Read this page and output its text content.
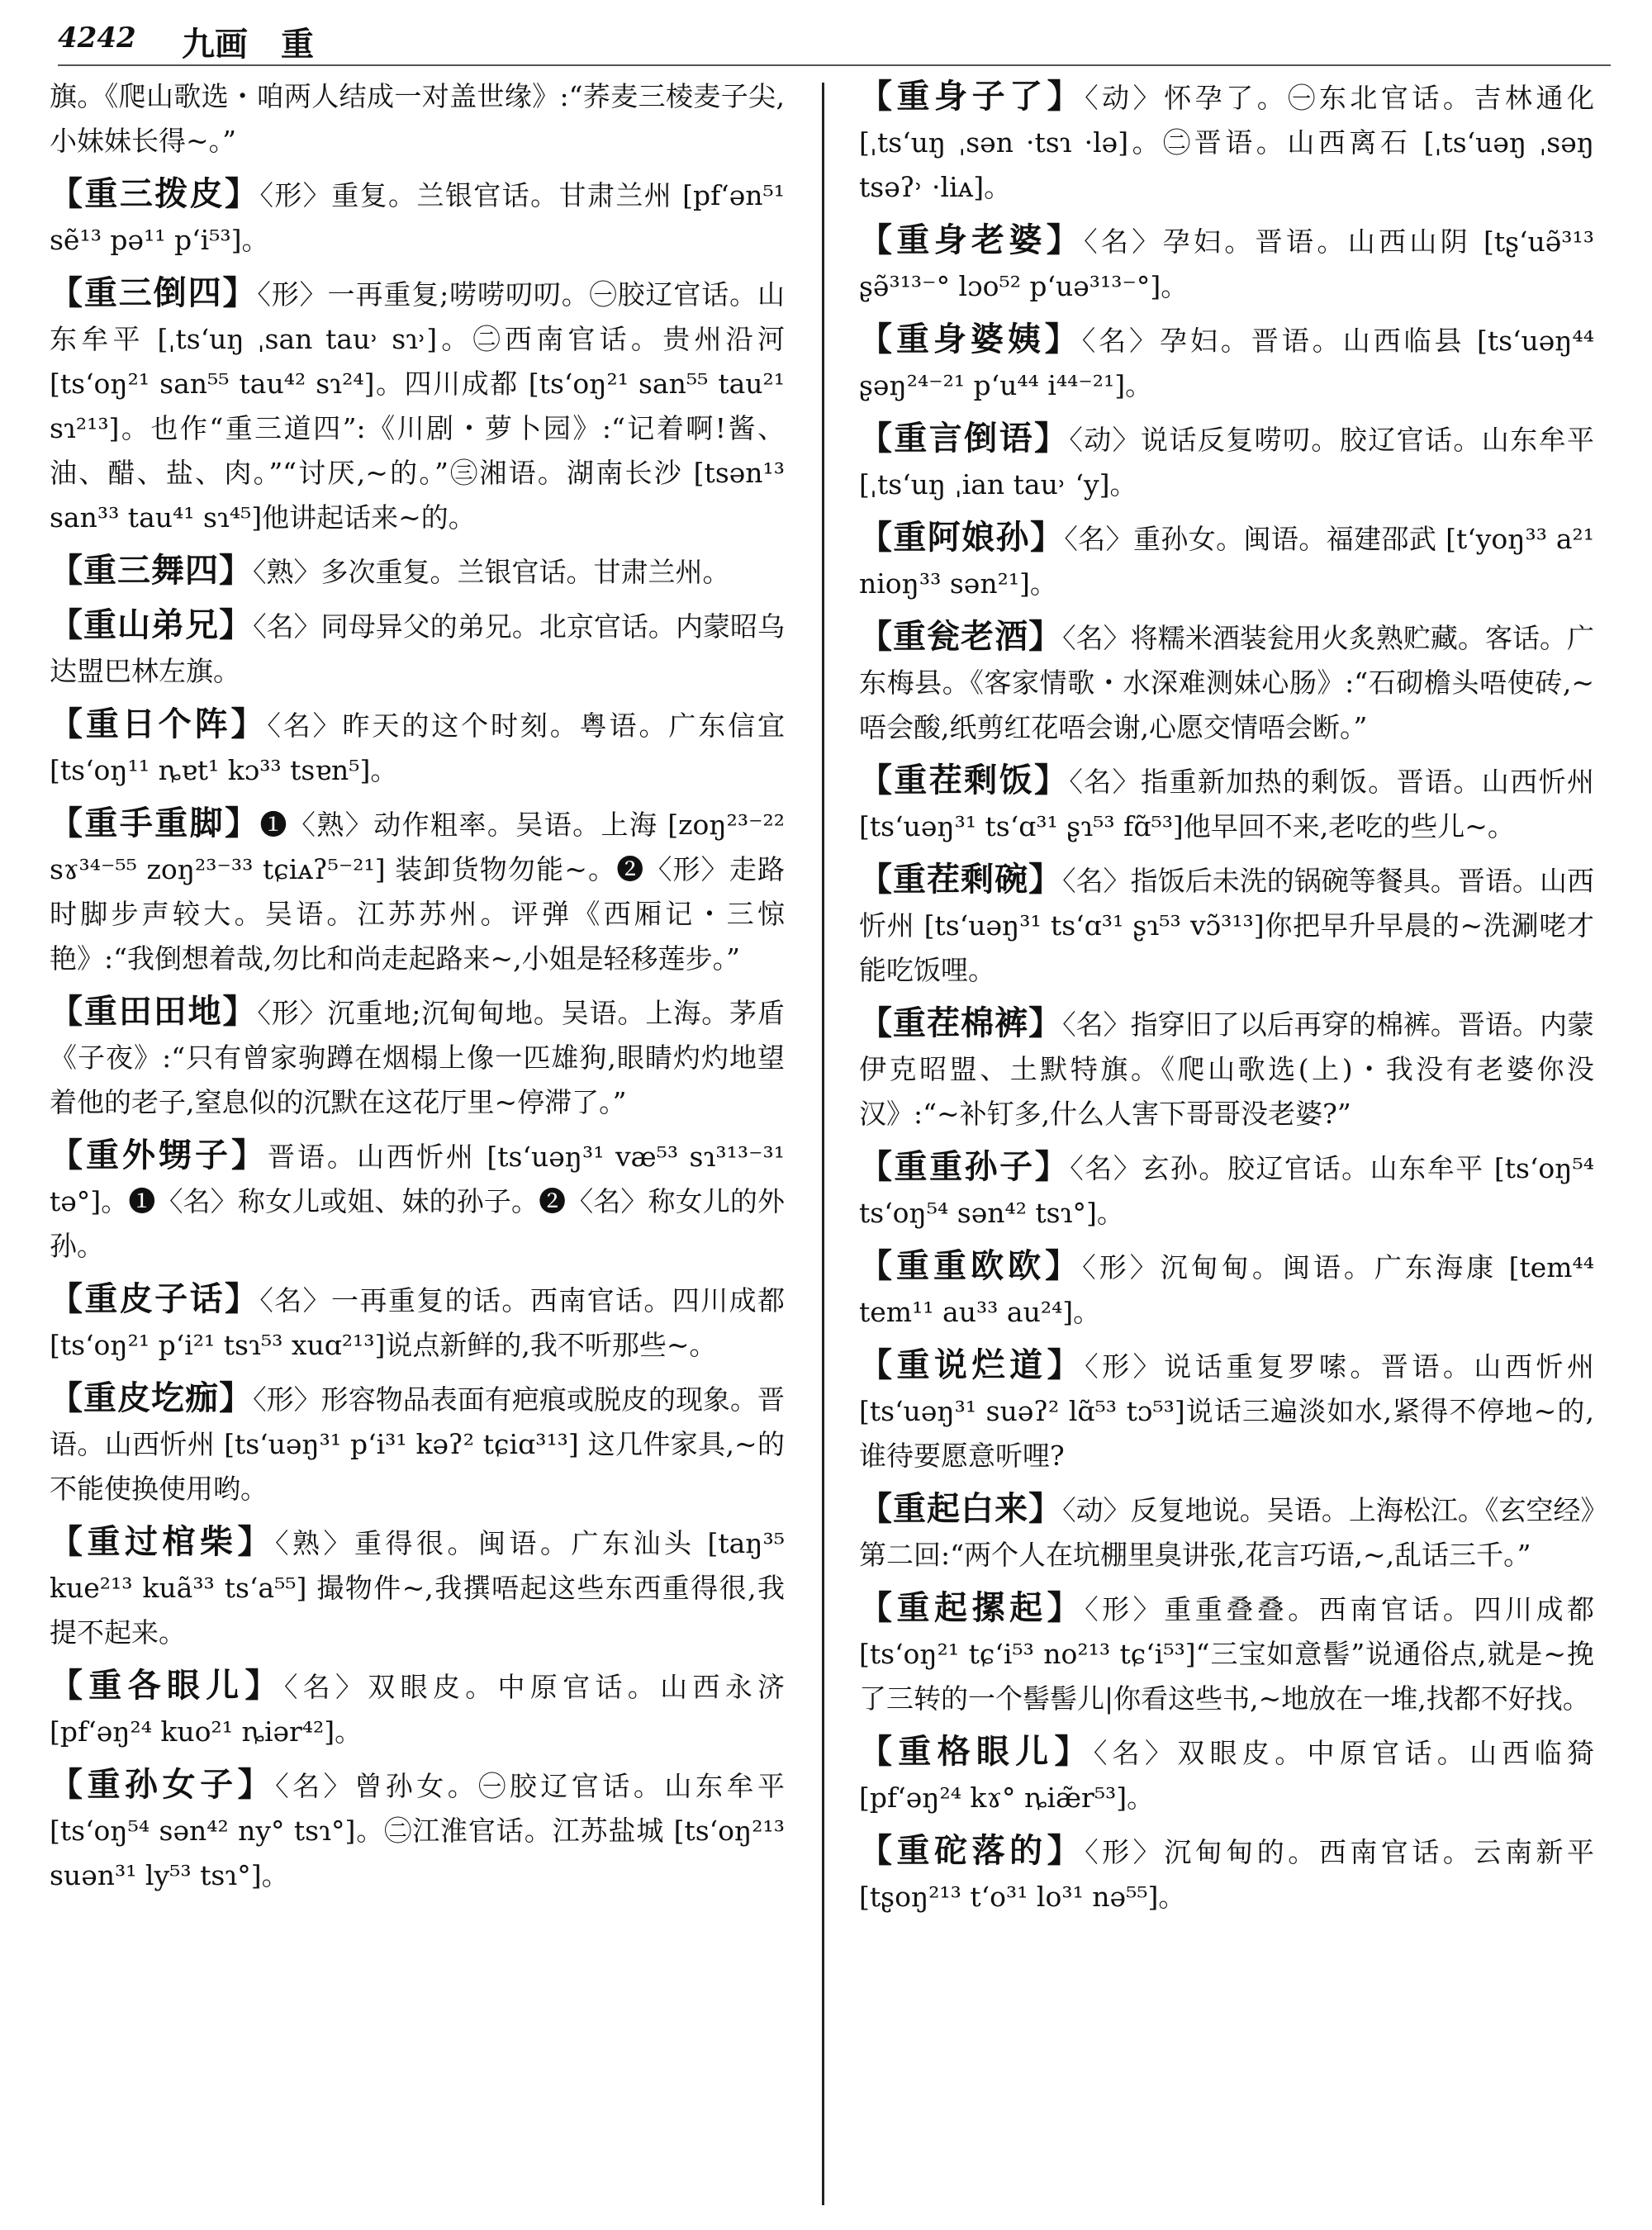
4242 九画 重
旗。《爬山歌选・咱两人结成一对盖世缘》:“荞麦三棱麦子尖,小妹妹长得~。”
【重三拨皮】〈形〉重复。兰银官话。甘肃兰州 [pf‘ən⁵¹ sẽ¹³ pə¹¹ p‘i⁵³]。
【重三倒四】〈形〉一再重复;唠唠叨叨。㊀胶辽官话。山东牟平 [ˌts‘uŋ ˌsan tau˒ sɿ˒]。㊁西南官话。贵州沿河 [ts‘oŋ²¹ san⁵⁵ tau⁴² sɿ²⁴]。四川成都 [ts‘oŋ²¹ san⁵⁵ tau²¹ sɿ²¹³]。也作“重三道四”:《川剧・萝卜园》:“记着啊!酱、油、醋、盐、肉。”“讨厌,~的。”㊂湘语。湖南长沙 [tsən¹³ san³³ tau⁴¹ sɿ⁴⁵]他讲起话来~的。
【重三舞四】〈熟〉多次重复。兰银官话。甘肃兰州。
【重山弟兄】〈名〉同母异父的弟兄。北京官话。内蒙昭乌达盟巴林左旗。
【重日个阵】〈名〉昨天的这个时刻。粤语。广东信宜 [ts‘oŋ¹¹ ȵɐt¹ kɔ³³ tsɐn⁵]。
【重手重脚】❶〈熟〉动作粗率。吴语。上海 [zoŋ²³⁻²² sɤ³⁴⁻⁵⁵ zoŋ²³⁻³³ tɕiᴀʔ⁵⁻²¹] 装卸货物勿能~。❷〈形〉走路时脚步声较大。吴语。江苏苏州。评弹《西厢记・三惊艳》:“我倒想着哉,勿比和尚走起路来~,小姐是轻移莲步。”
【重田田地】〈形〉沉重地;沉甸甸地。吴语。上海。茅盾《子夜》:“只有曾家驹蹲在烟榻上像一匹雄狗,眼睛灼灼地望着他的老子,窒息似的沉默在这花厅里~停滞了。”
【重外甥子】晋语。山西忻州 [ts‘uəŋ³¹ væ⁵³ sɿ³¹³⁻³¹ tə°]。❶〈名〉称女儿或姐、妹的孙子。❷〈名〉称女儿的外孙。
【重皮子话】〈名〉一再重复的话。西南官话。四川成都 [ts‘oŋ²¹ p‘i²¹ tsɿ⁵³ xuɑ²¹³]说点新鲜的,我不听那些~。
【重皮圪痂】〈形〉形容物品表面有疤痕或脱皮的现象。晋语。山西忻州 [ts‘uəŋ³¹ p‘i³¹ kəʔ² tɕiɑ³¹³] 这几件家具,~的不能使换使用哟。
【重过棺柴】〈熟〉重得很。闽语。广东汕头 [taŋ³⁵ kue²¹³ kuã³³ ts‘a⁵⁵] 撮物件~,我撰唔起这些东西重得很,我提不起来。
【重各眼儿】〈名〉双眼皮。中原官话。山西永济 [pf‘əŋ²⁴ kuo²¹ ȵiər⁴²]。
【重孙女子】〈名〉曾孙女。㊀胶辽官话。山东牟平 [ts‘oŋ⁵⁴ sən⁴² ny° tsɿ°]。㊁江淮官话。江苏盐城 [ts‘oŋ²¹³ suən³¹ ly⁵³ tsɿ°]。
【重身子了】〈动〉怀孕了。㊀东北官话。吉林通化 [ˌts‘uŋ ˌsən ·tsɿ ·lə]。㊁晋语。山西离石 [ˌts‘uəŋ ˌsəŋ tsəʔ˒ ·liᴀ]。
【重身老婆】〈名〉孕妇。晋语。山西山阴 [tʂ‘uə̃³¹³ ʂə̃³¹³⁻° lɔo⁵² p‘uə³¹³⁻°]。
【重身婆姨】〈名〉孕妇。晋语。山西临县 [ts‘uəŋ⁴⁴ ʂəŋ²⁴⁻²¹ p‘u⁴⁴ i⁴⁴⁻²¹]。
【重言倒语】〈动〉说话反复唠叨。胶辽官话。山东牟平 [ˌts‘uŋ ˌian tau˒ ‘y]。
【重阿娘孙】〈名〉重孙女。闽语。福建邵武 [t‘yoŋ³³ a²¹ nioŋ³³ sən²¹]。
【重瓮老酒】〈名〉将糯米酒装瓮用火炙熟贮藏。客话。广东梅县。《客家情歌・水深难测妹心肠》:“石砌檐头唔使砖,~唔会酸,纸剪红花唔会谢,心愿交情唔会断。”
【重茬剩饭】〈名〉指重新加热的剩饭。晋语。山西忻州 [ts‘uəŋ³¹ ts‘ɑ³¹ ʂɿ⁵³ fɑ̃⁵³]他早回不来,老吃的些儿~。
【重茬剩碗】〈名〉指饭后未洗的锅碗等餐具。晋语。山西忻州 [ts‘uəŋ³¹ ts‘ɑ³¹ ʂɿ⁵³ vɔ̃³¹³]你把早升早晨的~洗涮咾才能吃饭哩。
【重茬棉裤】〈名〉指穿旧了以后再穿的棉裤。晋语。内蒙伊克昭盟、土默特旗。《爬山歌选(上)・我没有老婆你没汉》:“~补钉多,什么人害下哥哥没老婆?”
【重重孙子】〈名〉玄孙。胶辽官话。山东牟平 [ts‘oŋ⁵⁴ ts‘oŋ⁵⁴ sən⁴² tsɿ°]。
【重重欧欧】〈形〉沉甸甸。闽语。广东海康 [tem⁴⁴ tem¹¹ au³³ au²⁴]。
【重说烂道】〈形〉说话重复罗嗦。晋语。山西忻州 [ts‘uəŋ³¹ suəʔ² lɑ̃⁵³ tɔ⁵³]说话三遍淡如水,紧得不停地~的,谁待要愿意听哩?
【重起白来】〈动〉反复地说。吴语。上海松江。《玄空经》第二回:“两个人在坑棚里臭讲张,花言巧语,~,乱话三千。”
【重起摞起】〈形〉重重叠叠。西南官话。四川成都 [ts‘oŋ²¹ tɕ‘i⁵³ no²¹³ tɕ‘i⁵³]“三宝如意髻”说通俗点,就是~挽了三转的一个髻髻儿|你看这些书,~地放在一堆,找都不好找。
【重格眼儿】〈名〉双眼皮。中原官话。山西临猗 [pf‘əŋ²⁴ kɤ° ȵiæ̃r⁵³]。
【重砣落的】〈形〉沉甸甸的。西南官话。云南新平 [tʂoŋ²¹³ t‘o³¹ lo³¹ nə⁵⁵]。
